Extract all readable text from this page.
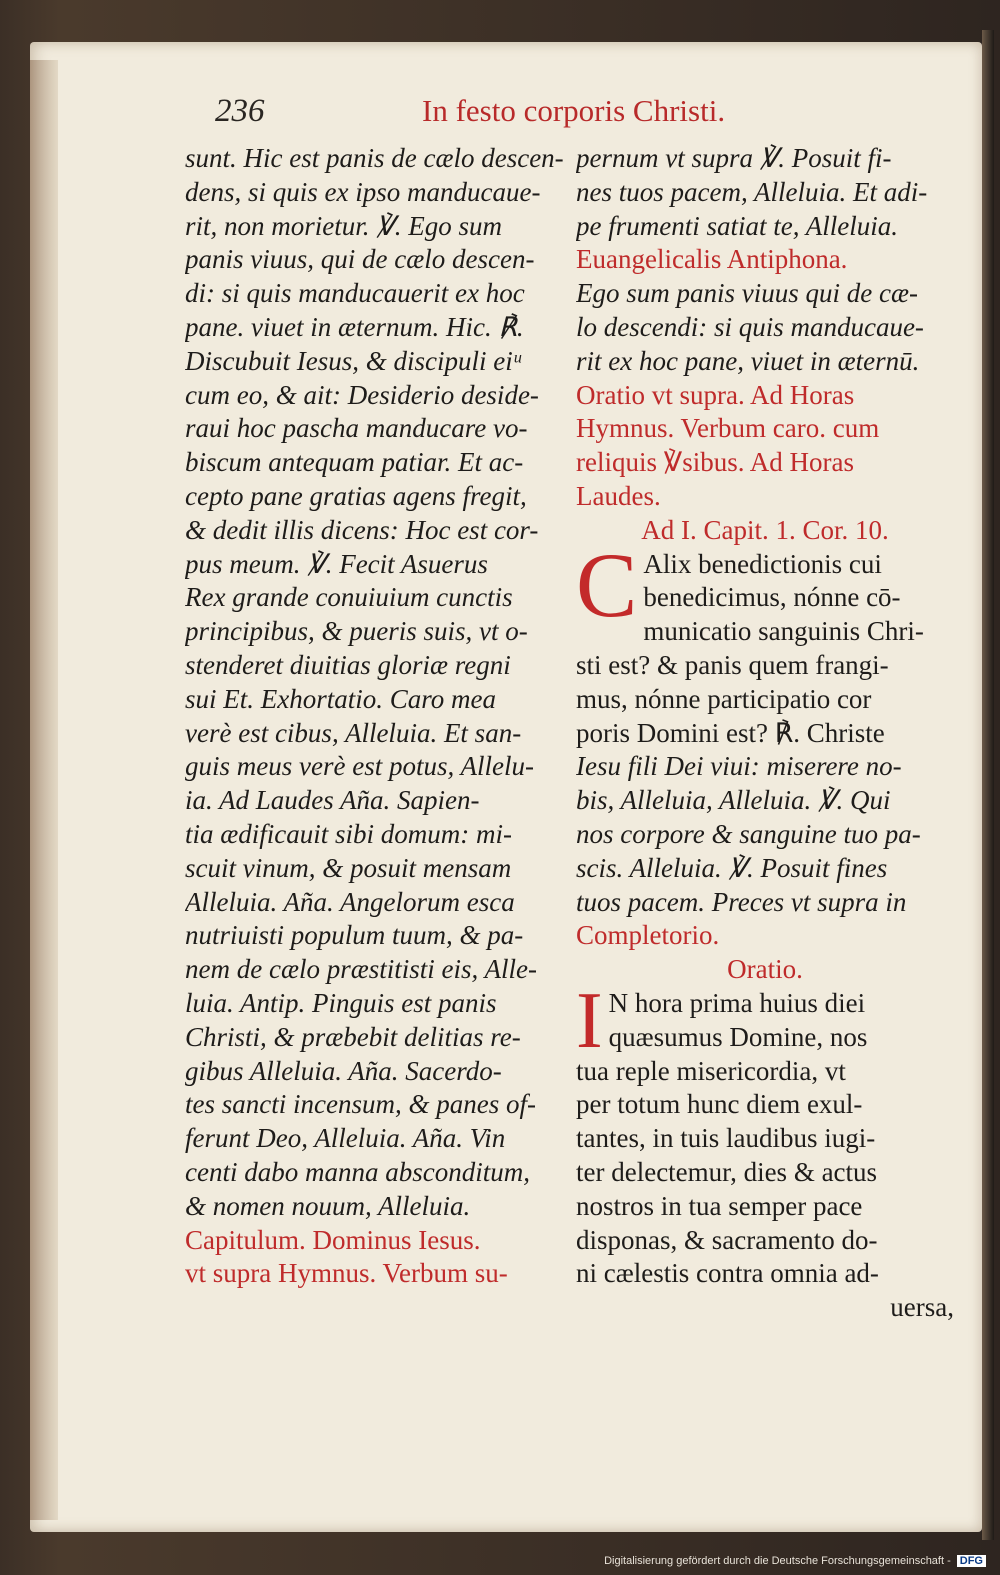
236	In festo corporis Christi.
sunt. Hic est panis de cælo descen-
dens, si quis ex ipso manducaue-
rit, non morietur. ℣. Ego sum
panis viuus, qui de cælo descen-
di: si quis manducauerit ex hoc
pane. viuet in æternum. Hic. ℟.
Discubuit Iesus, & discipuli eiᵘ
cum eo, & ait: Desiderio deside-
raui hoc pascha manducare vo-
biscum antequam patiar. Et ac-
cepto pane gratias agens fregit,
& dedit illis dicens: Hoc est cor-
pus meum. ℣. Fecit Asuerus
Rex grande conuiuium cunctis
principibus, & pueris suis, vt o-
stenderet diuitias gloriæ regni
sui Et. Exhortatio. Caro mea
verè est cibus, Alleluia. Et san-
guis meus verè est potus, Allelu-
ia. Ad Laudes Aña. Sapien-
tia ædificauit sibi domum: mi-
scuit vinum, & posuit mensam
Alleluia. Aña. Angelorum esca
nutriuisti populum tuum, & pa-
nem de cælo præstitisti eis, Alle-
luia. Antip. Pinguis est panis
Christi, & præbebit delitias re-
gibus Alleluia. Aña. Sacerdo-
tes sancti incensum, & panes of-
ferunt Deo, Alleluia. Aña. Vin
centi dabo manna absconditum,
& nomen nouum, Alleluia.
Capitulum. Dominus Iesus.
vt supra Hymnus. Verbum su-
pernum vt supra ℣. Posuit fi-
nes tuos pacem, Alleluia. Et adi-
pe frumenti satiat te, Alleluia.
Euangelicalis Antiphona.
Ego sum panis viuus qui de cæ-
lo descendi: si quis manducaue-
rit ex hoc pane, viuet in æternū.
Oratio vt supra. Ad Horas
Hymnus. Verbum caro. cum
reliquis ℣sibus. Ad Horas
Laudes.
Ad I. Capit. 1. Cor. 10.
C Alix benedictionis cui
benedicimus, nónne cō-
municatio sanguinis Chri-
sti est? & panis quem frangi-
mus, nónne participatio cor
poris Domini est? ℟. Christe
Iesu fili Dei viui: miserere no-
bis, Alleluia, Alleluia. ℣. Qui
nos corpore & sanguine tuo pa-
scis. Alleluia. ℣. Posuit fines
tuos pacem. Preces vt supra in
Completorio.
Oratio.
I N hora prima huius diei
quæsumus Domine, nos
tua reple misericordia, vt
per totum hunc diem exul-
tantes, in tuis laudibus iugi-
ter delectemur, dies & actus
nostros in tua semper pace
disponas, & sacramento do-
ni cælestis contra omnia ad-
uersa,
Digitalisierung gefördert durch die Deutsche Forschungsgemeinschaft - DFG
